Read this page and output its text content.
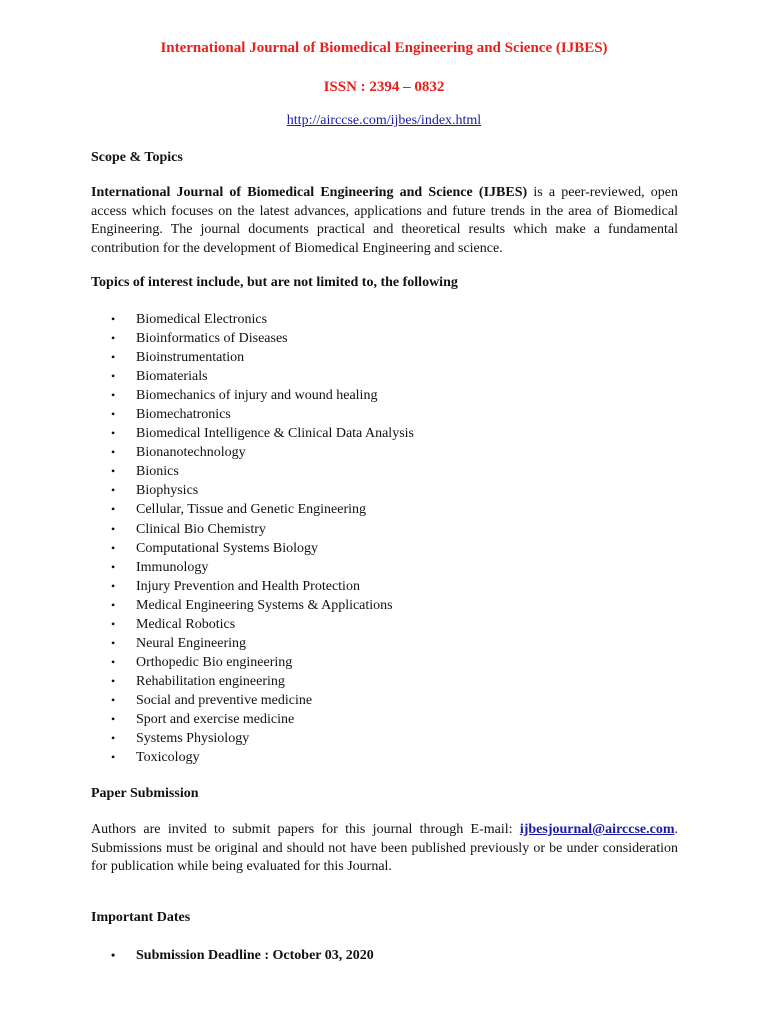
International Journal of Biomedical Engineering and Science (IJBES)
ISSN : 2394 – 0832
http://airccse.com/ijbes/index.html
Scope & Topics
International Journal of Biomedical Engineering and Science (IJBES) is a peer-reviewed, open access which focuses on the latest advances, applications and future trends in the area of Biomedical Engineering. The journal documents practical and theoretical results which make a fundamental contribution for the development of Biomedical Engineering and science.
Topics of interest include, but are not limited to, the following
• Biomedical Electronics
• Bioinformatics of Diseases
• Bioinstrumentation
• Biomaterials
• Biomechanics of injury and wound healing
• Biomechatronics
• Biomedical Intelligence & Clinical Data Analysis
• Bionanotechnology
• Bionics
• Biophysics
• Cellular, Tissue and Genetic Engineering
• Clinical Bio Chemistry
• Computational Systems Biology
• Immunology
• Injury Prevention and Health Protection
• Medical Engineering Systems & Applications
• Medical Robotics
• Neural Engineering
• Orthopedic Bio engineering
• Rehabilitation engineering
• Social and preventive medicine
• Sport and exercise medicine
• Systems Physiology
• Toxicology
Paper Submission
Authors are invited to submit papers for this journal through E-mail: ijbesjournal@airccse.com. Submissions must be original and should not have been published previously or be under consideration for publication while being evaluated for this Journal.
Important Dates
• Submission Deadline : October 03, 2020
